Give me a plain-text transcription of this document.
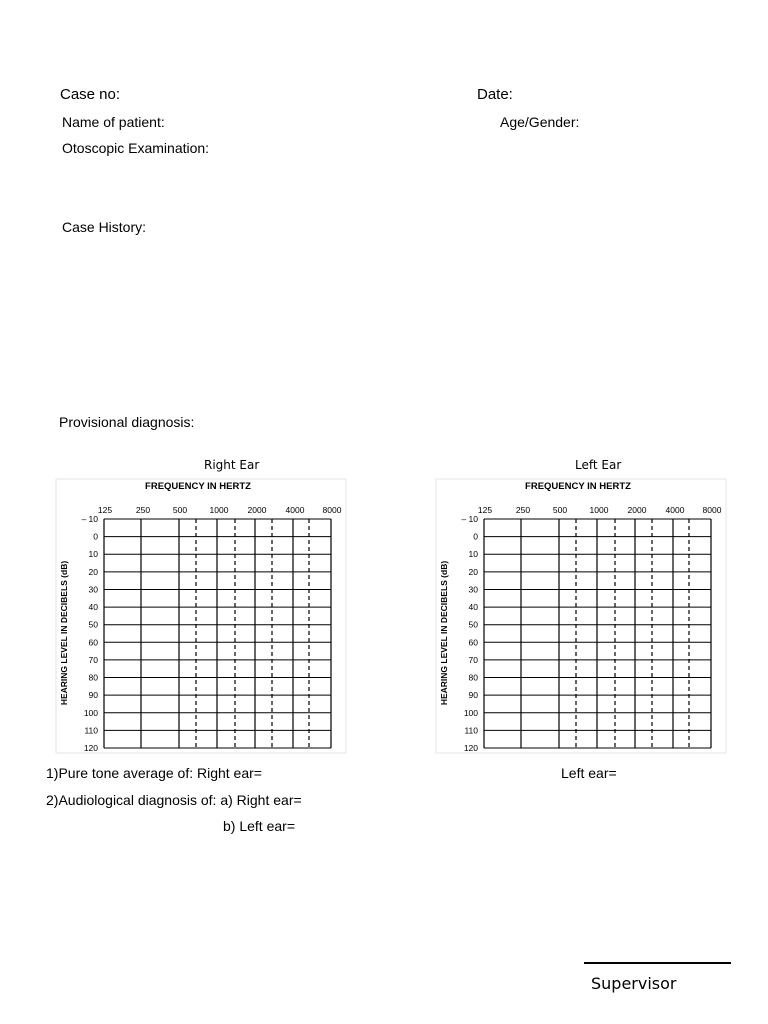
Case no:	Date:
Name of patient:	Age/Gender:
Otoscopic Examination:
Case History:
Provisional diagnosis:
Right Ear	Left Ear
FREQUENCY IN HERTZ
125	250	500	1000 2000 4000 8000
– 10
0
10
20
30
40
50
60
70
80
90
100
110
120
HEARING LEVEL IN DECIBELS (dB)
FREQUENCY IN HERTZ
125	250	500	1000 2000 4000 8000
– 10
0
10
20
30
40
50
60
70
80
90
100
110
120
HEARING LEVEL IN DECIBELS (dB)
1)Pure tone average of: Right ear=	Left ear=
2)Audiological diagnosis of: a) Right ear=
b) Left ear=
Supervisor
